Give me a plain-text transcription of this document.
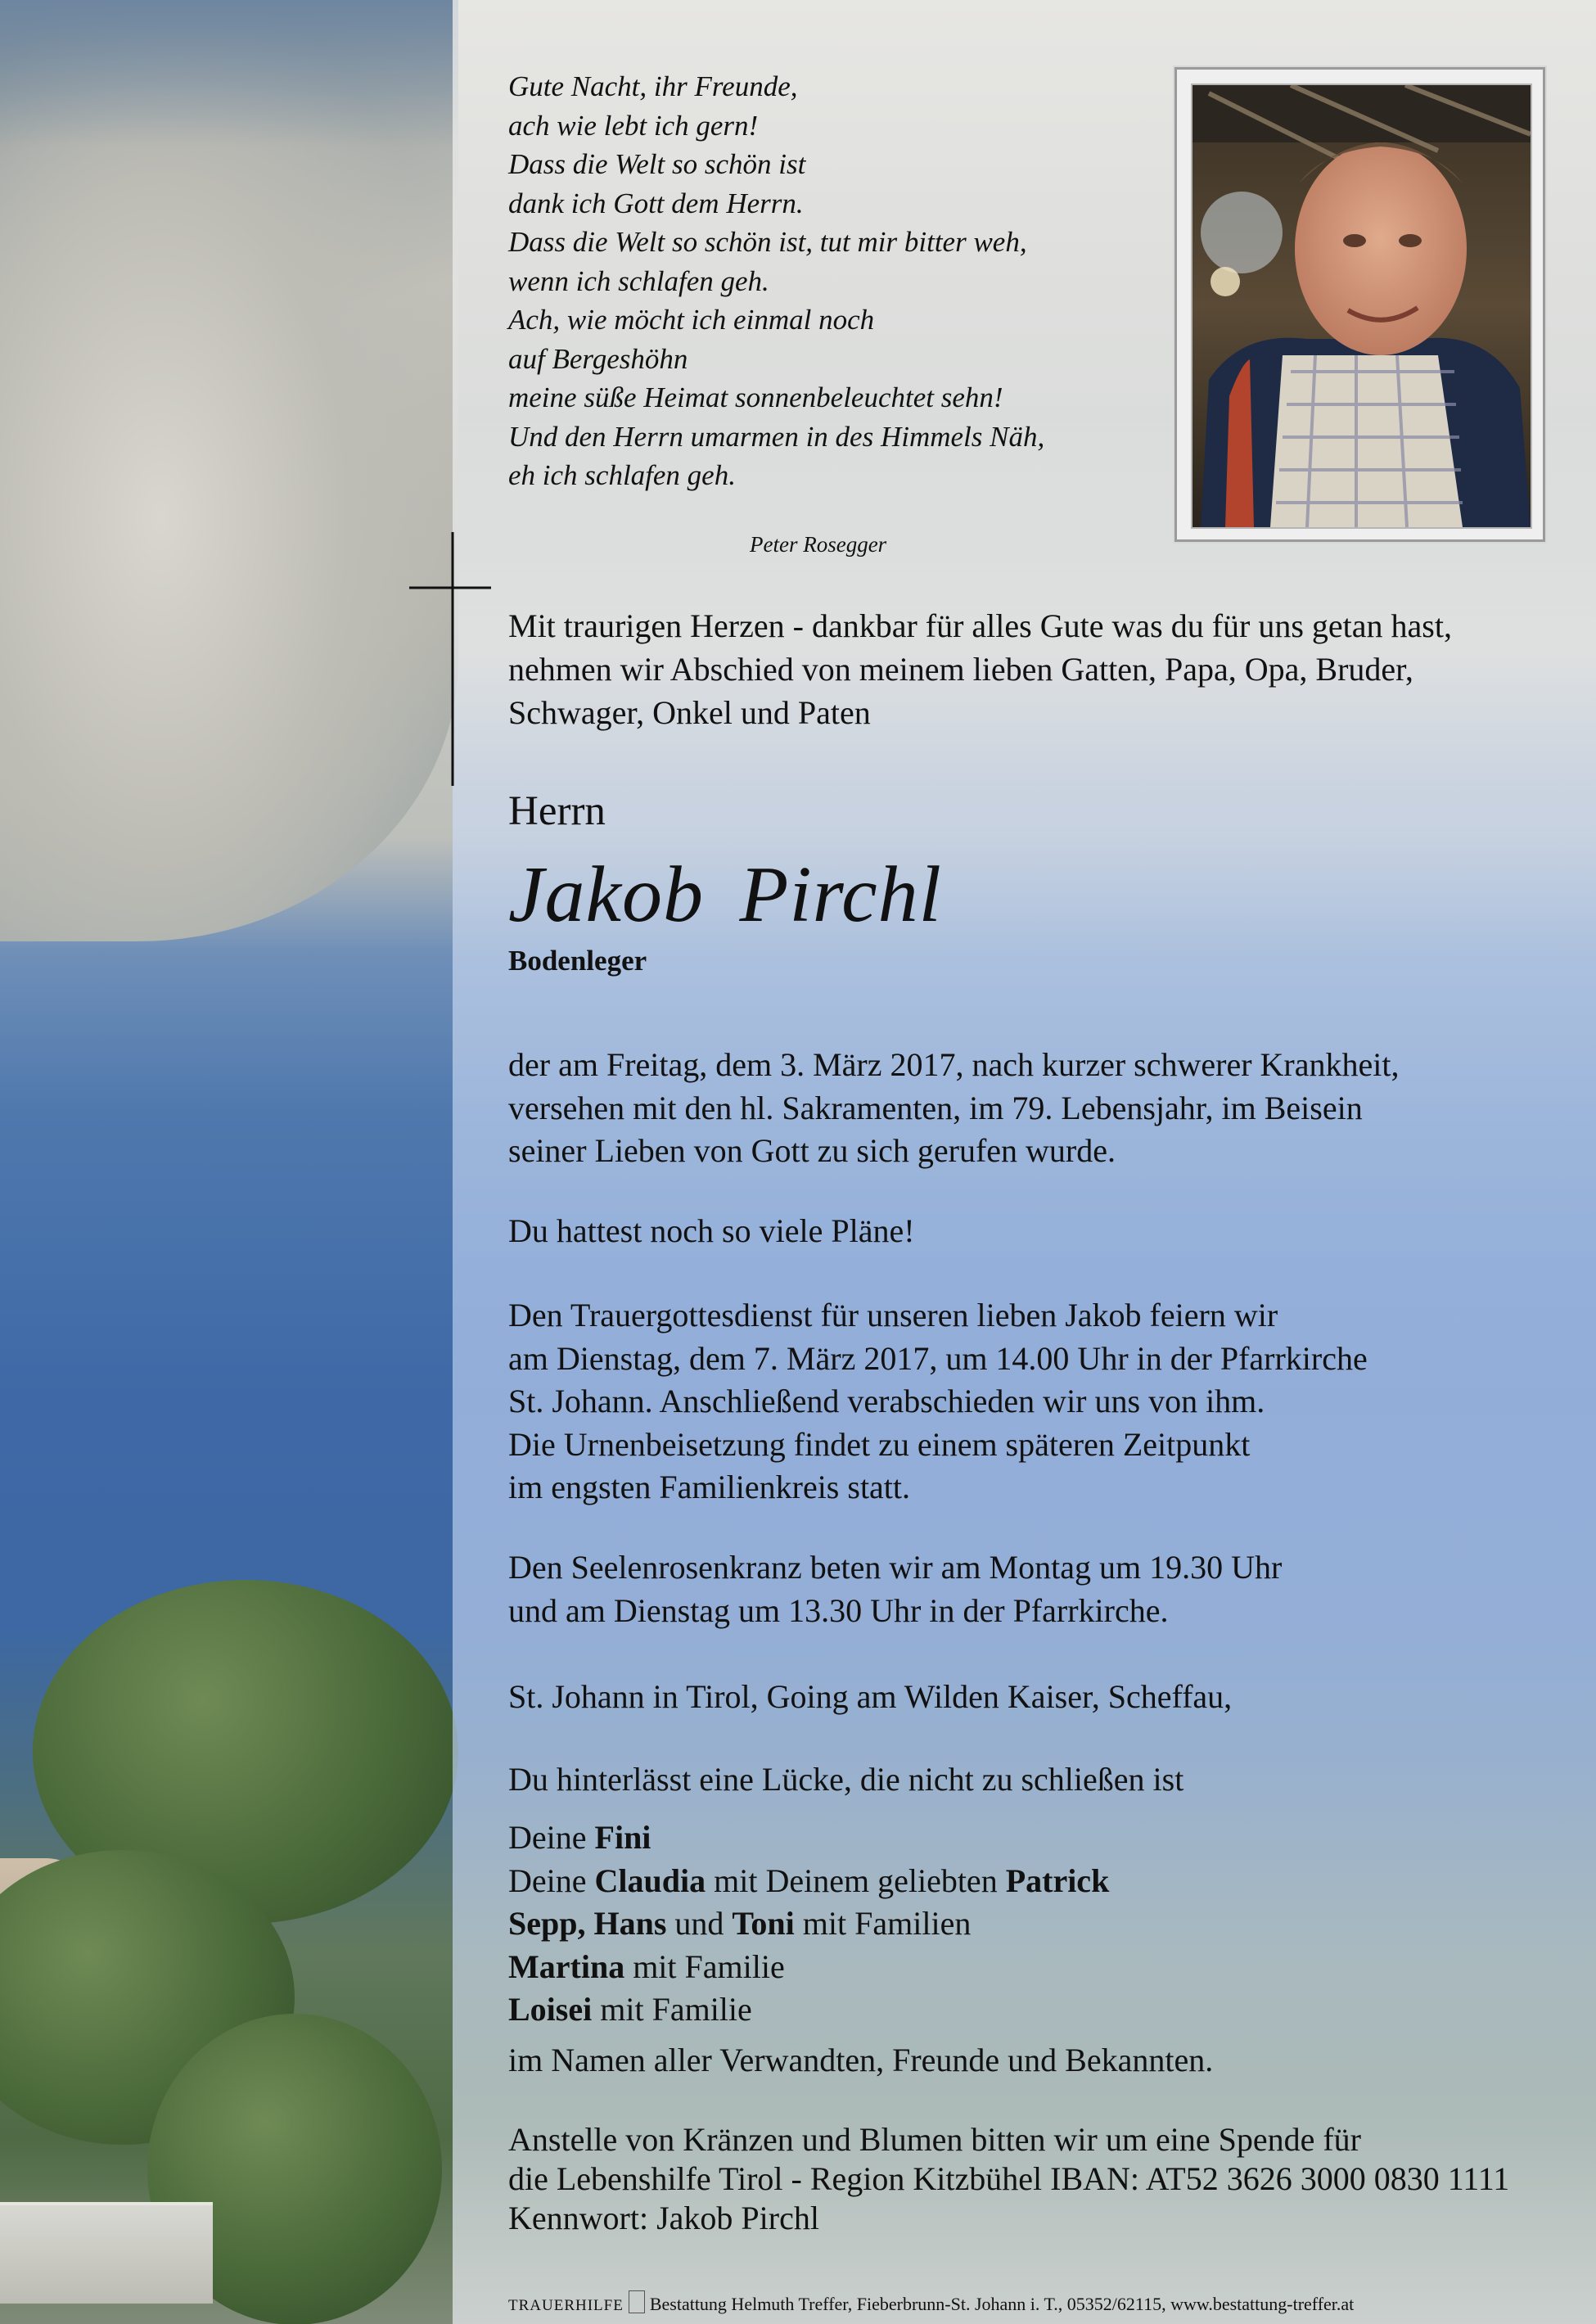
Gute Nacht, ihr Freunde,
ach wie lebt ich gern!
Dass die Welt so schön ist
dank ich Gott dem Herrn.
Dass die Welt so schön ist, tut mir bitter weh,
wenn ich schlafen geh.
Ach, wie möcht ich einmal noch
auf Bergeshöhn
meine süße Heimat sonnenbeleuchtet sehn!
Und den Herrn umarmen in des Himmels Näh,
eh ich schlafen geh.

Peter Rosegger

Mit traurigen Herzen - dankbar für alles Gute was du für uns getan hast, nehmen wir Abschied von meinem lieben Gatten, Papa, Opa, Bruder, Schwager, Onkel und Paten

Herrn

Jakob Pirchl

Bodenleger

der am Freitag, dem 3. März 2017, nach kurzer schwerer Krankheit,
versehen mit den hl. Sakramenten, im 79. Lebensjahr, im Beisein
seiner Lieben von Gott zu sich gerufen wurde.

Du hattest noch so viele Pläne!

Den Trauergottesdienst für unseren lieben Jakob feiern wir
am Dienstag, dem 7. März 2017, um 14.00 Uhr in der Pfarrkirche
St. Johann. Anschließend verabschieden wir uns von ihm.
Die Urnenbeisetzung findet zu einem späteren Zeitpunkt
im engsten Familienkreis statt.

Den Seelenrosenkranz beten wir am Montag um 19.30 Uhr
und am Dienstag um 13.30 Uhr in der Pfarrkirche.

St. Johann in Tirol, Going am Wilden Kaiser, Scheffau,

Du hinterlässt eine Lücke, die nicht zu schließen ist

Deine Fini
Deine Claudia mit Deinem geliebten Patrick
Sepp, Hans und Toni mit Familien
Martina mit Familie
Loisei mit Familie

im Namen aller Verwandten, Freunde und Bekannten.

Anstelle von Kränzen und Blumen bitten wir um eine Spende für
die Lebenshilfe Tirol - Region Kitzbühel IBAN: AT52 3626 3000 0830 1111
Kennwort: Jakob Pirchl

TRAUERHILFE Bestattung Helmuth Treffer, Fieberbrunn-St. Johann i. T., 05352/62115, www.bestattung-treffer.at
